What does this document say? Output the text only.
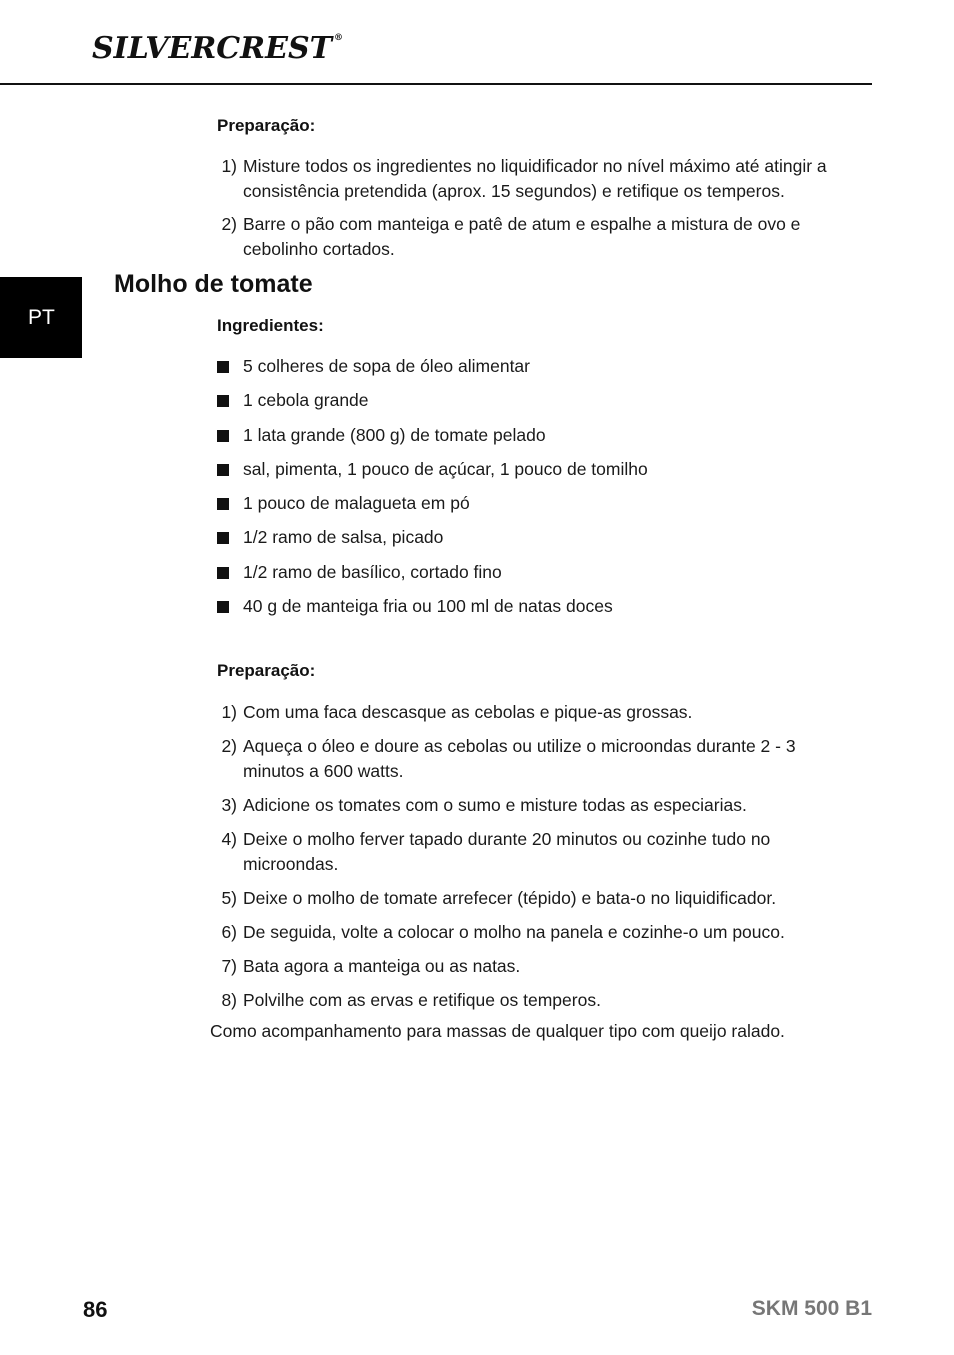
SILVERCREST ®
PT
Preparação:
1) Misture todos os ingredientes no liquidificador no nível máximo até atingir a consistência pretendida (aprox. 15 segundos) e retifique os temperos.
2) Barre o pão com manteiga e patê de atum e espalhe a mistura de ovo e cebolinho cortados.
Molho de tomate
Ingredientes:
5 colheres de sopa de óleo alimentar
1 cebola grande
1 lata grande (800 g) de tomate pelado
sal, pimenta, 1 pouco de açúcar, 1 pouco de tomilho
1 pouco de malagueta em pó
1/2 ramo de salsa, picado
1/2 ramo de basílico, cortado fino
40 g de manteiga fria ou 100 ml de natas doces
Preparação:
1) Com uma faca descasque as cebolas e pique-as grossas.
2) Aqueça o óleo e doure as cebolas ou utilize o microondas durante 2 - 3 minutos a 600 watts.
3) Adicione os tomates com o sumo e misture todas as especiarias.
4) Deixe o molho ferver tapado durante 20 minutos ou cozinhe tudo no microondas.
5) Deixe o molho de tomate arrefecer (tépido) e bata-o no liquidificador.
6) De seguida, volte a colocar o molho na panela e cozinhe-o um pouco.
7) Bata agora a manteiga ou as natas.
8) Polvilhe com as ervas e retifique os temperos.
Como acompanhamento para massas de qualquer tipo com queijo ralado.
86	SKM 500 B1
